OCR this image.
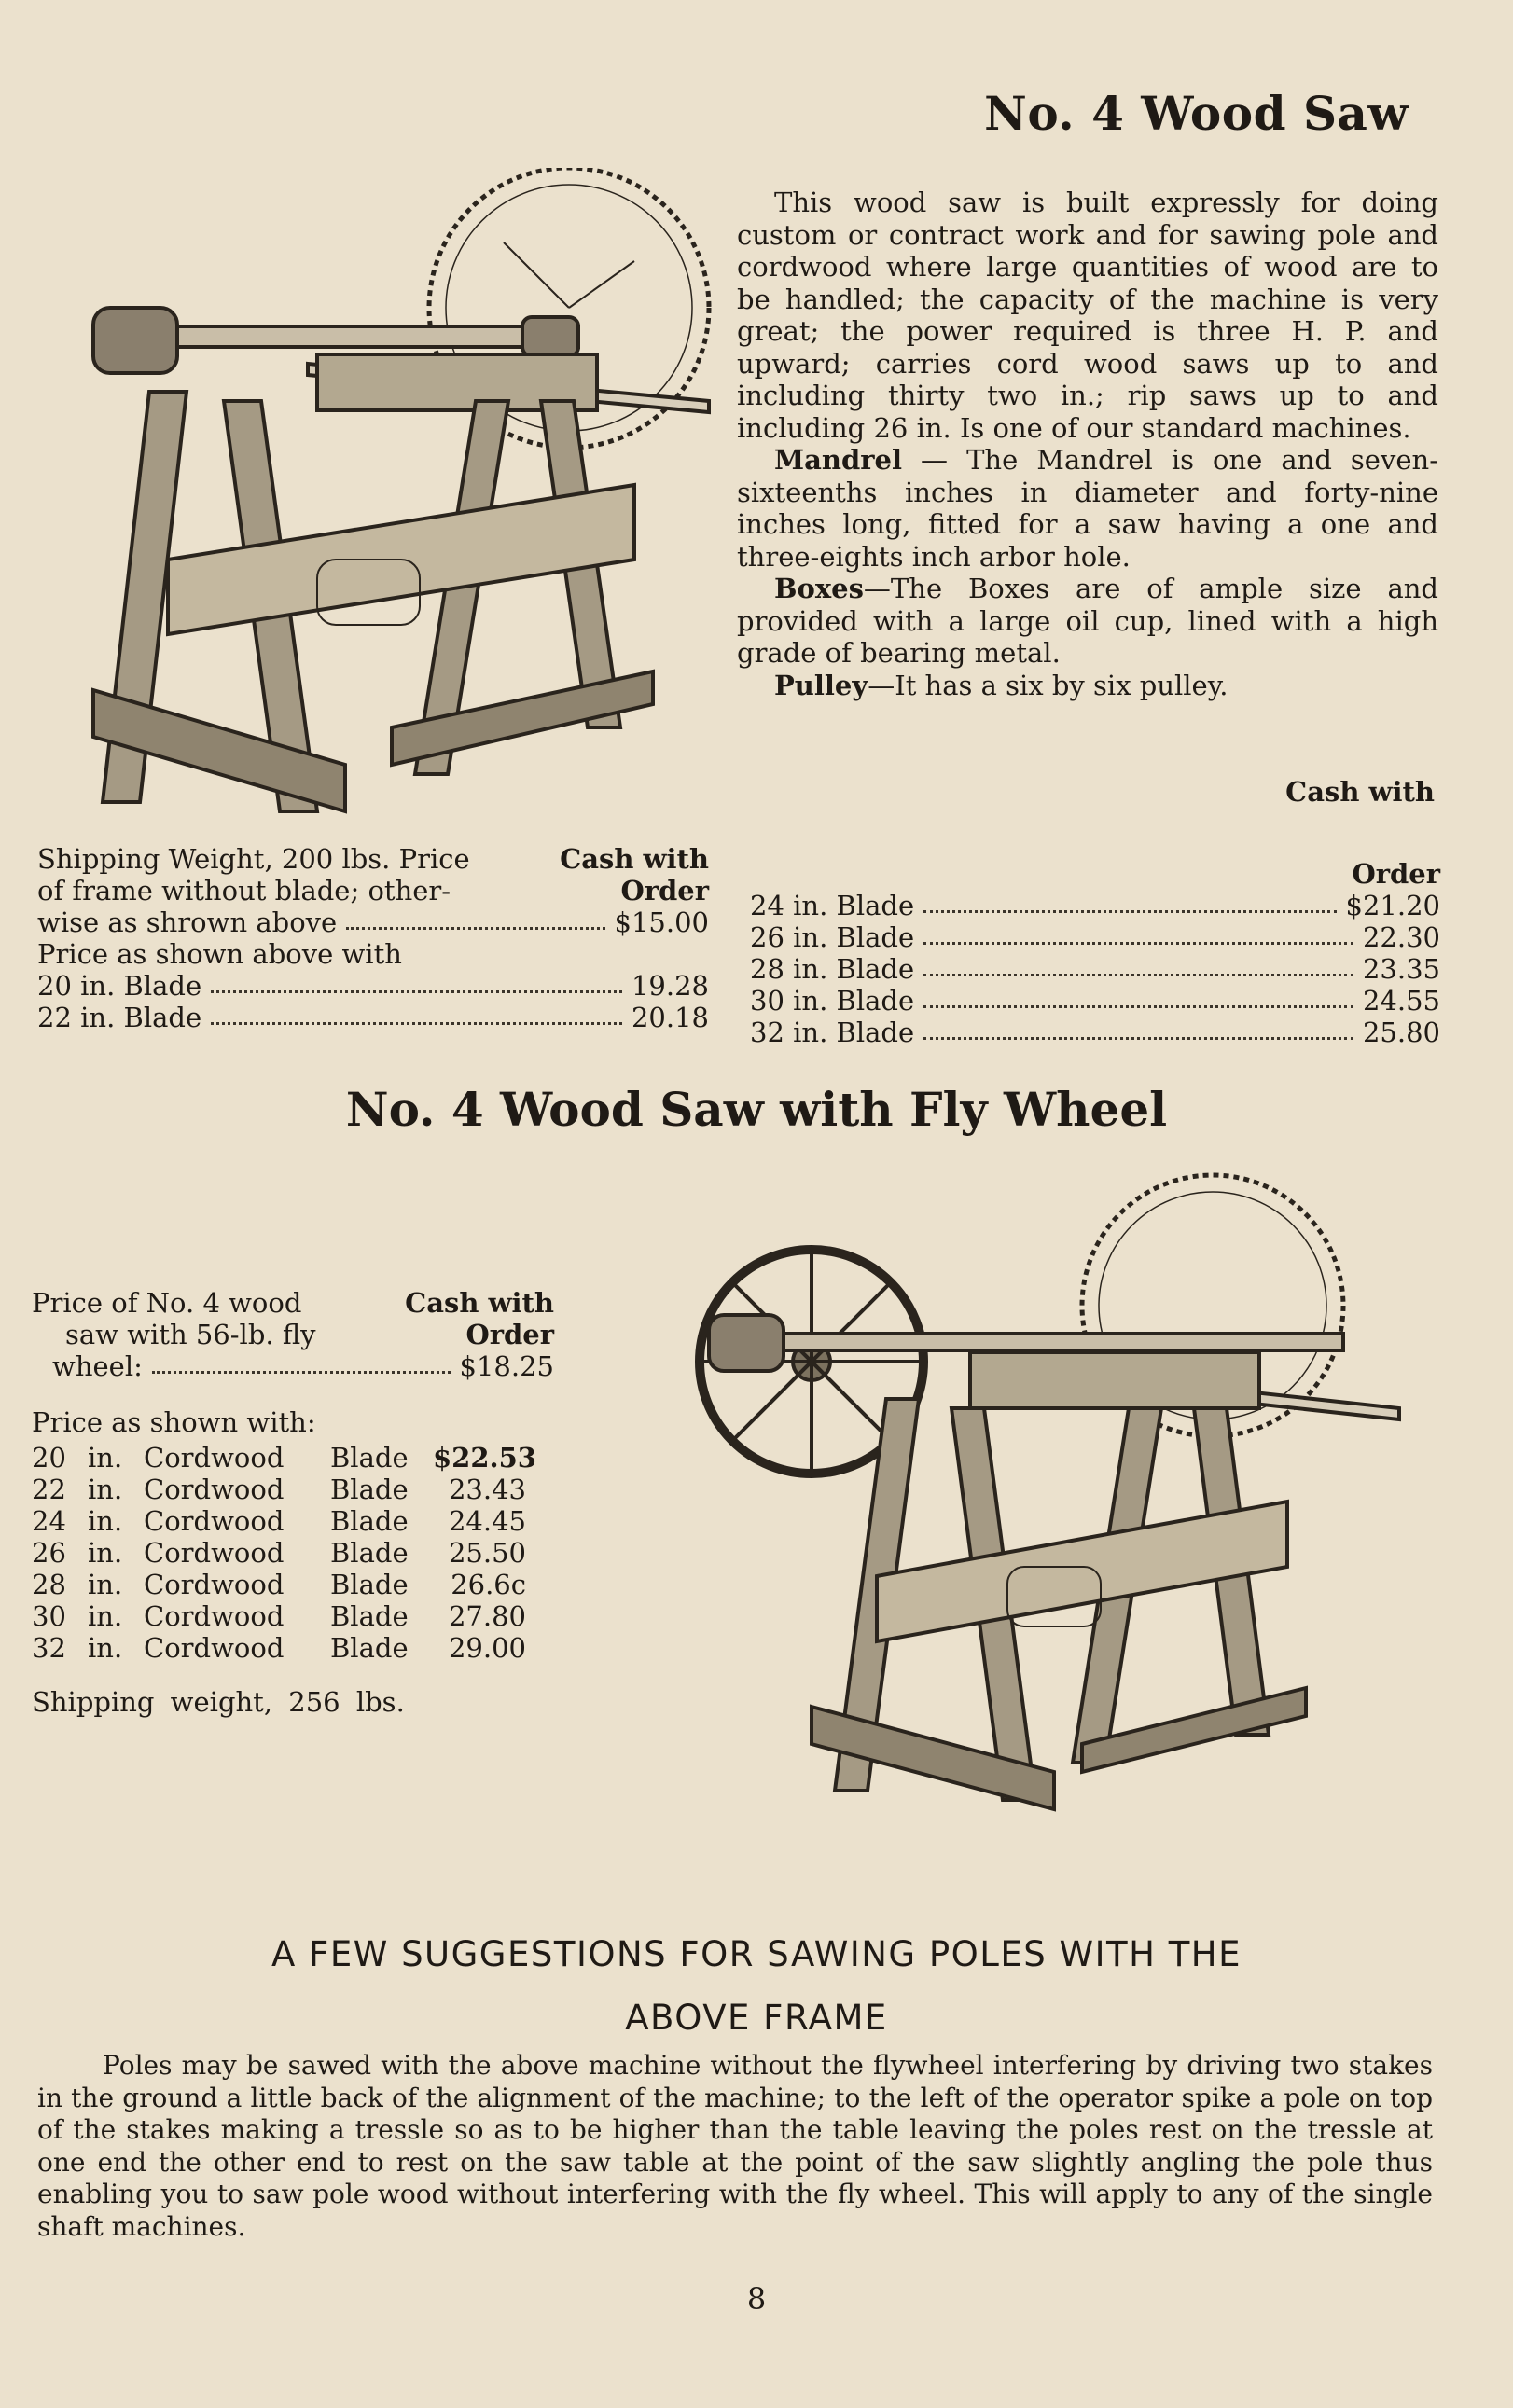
No. 4 Wood Saw

This wood saw is built expressly for doing custom or contract work and for sawing pole and cordwood where large quantities of wood are to be handled; the capacity of the machine is very great; the power required is three H. P. and upward; carries cord wood saws up to and including thirty two in.; rip saws up to and including 26 in. Is one of our standard machines.

Mandrel — The Mandrel is one and seven-sixteenths inches in diameter and forty-nine inches long, fitted for a saw having a one and three-eights inch arbor hole.

Boxes—The Boxes are of ample size and provided with a large oil cup, lined with a high grade of bearing metal.

Pulley—It has a six by six pulley.

Cash with
Shipping Weight, 200 lbs. Price	Cash with
of frame without blade; other-	Order
wise as shrown above	$15.00
Price as shown above with
20 in. Blade	19.28
22 in. Blade	20.18
Order
24 in. Blade	$21.20
26 in. Blade	22.30
28 in. Blade	23.35
30 in. Blade	24.55
32 in. Blade	25.80
No. 4 Wood Saw with Fly Wheel
Price of No. 4 wood	Cash with
saw with 56-lb. fly	Order
wheel:	$18.25
Price as shown with:
20 in. Cordwood	Blade $22.53
22 in. Cordwood	Blade	23.43
24 in. Cordwood	Blade	24.45
26 in. Cordwood	Blade	25.50
28 in. Cordwood	Blade	26.6c
30 in. Cordwood	Blade	27.80
32 in. Cordwood	Blade	29.00
Shipping weight, 256 lbs.
A FEW SUGGESTIONS FOR SAWING POLES WITH THE
ABOVE FRAME

Poles may be sawed with the above machine without the flywheel interfering by driving two stakes in the ground a little back of the alignment of the machine; to the left of the operator spike a pole on top of the stakes making a tressle so as to be higher than the table leaving the poles rest on the tressle at one end the other end to rest on the saw table at the point of the saw slightly angling the pole thus enabling you to saw pole wood without interfering with the fly wheel. This will apply to any of the single shaft machines.

8
